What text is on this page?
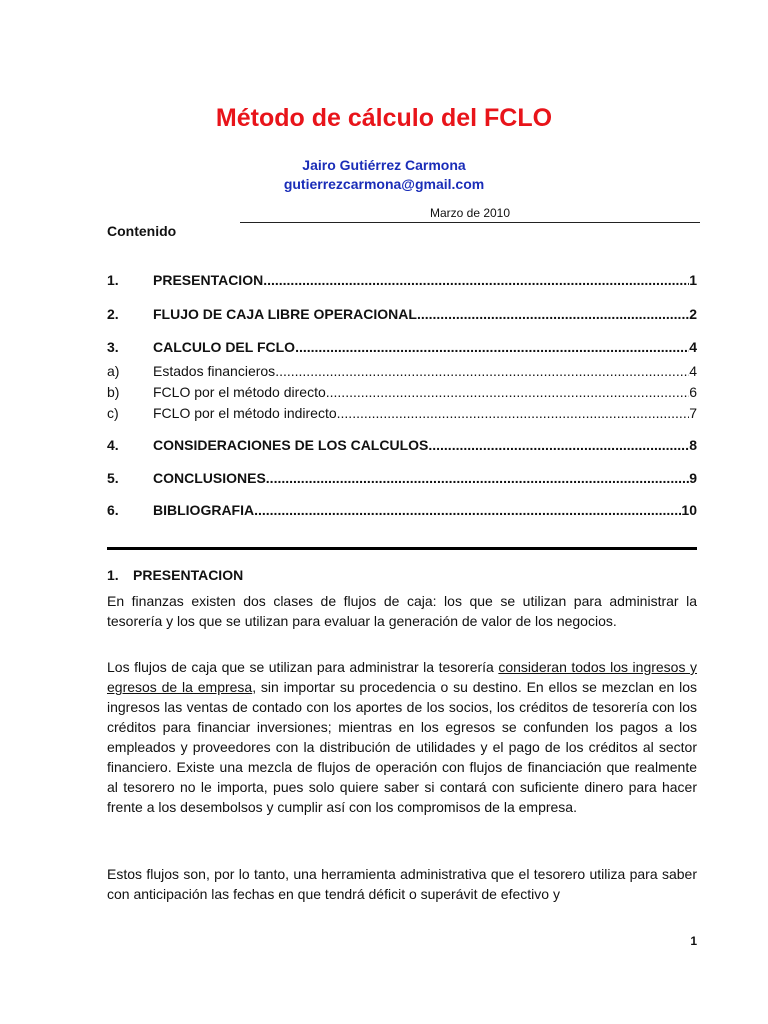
Método de cálculo del FCLO
Jairo Gutiérrez Carmona
gutierrezcarmona@gmail.com
Marzo de 2010
Contenido
1.	PRESENTACION .....	1
2.	FLUJO DE CAJA LIBRE OPERACIONAL .....	2
3.	CALCULO DEL FCLO .....	4
a)	Estados financieros .....	4
b)	FCLO por el método directo .....	6
c)	FCLO por el método indirecto .....	7
4.	CONSIDERACIONES DE LOS CALCULOS .....	8
5.	CONCLUSIONES .....	9
6.	BIBLIOGRAFIA .....	10
1. PRESENTACION
En finanzas existen dos clases de flujos de caja: los que se utilizan para administrar la tesorería y los que se utilizan para evaluar la generación de valor de los negocios.
Los flujos de caja que se utilizan para administrar la tesorería consideran todos los ingresos y egresos de la empresa, sin importar su procedencia o su destino. En ellos se mezclan en los ingresos las ventas de contado con los aportes de los socios, los créditos de tesorería con los créditos para financiar inversiones; mientras en los egresos se confunden los pagos a los empleados y proveedores con la distribución de utilidades y el pago de los créditos al sector financiero. Existe una mezcla de flujos de operación con flujos de financiación que realmente al tesorero no le importa, pues solo quiere saber si contará con suficiente dinero para hacer frente a los desembolsos y cumplir así con los compromisos de la empresa.
Estos flujos son, por lo tanto, una herramienta administrativa que el tesorero utiliza para saber con anticipación las fechas en que tendrá déficit o superávit de efectivo y
1
